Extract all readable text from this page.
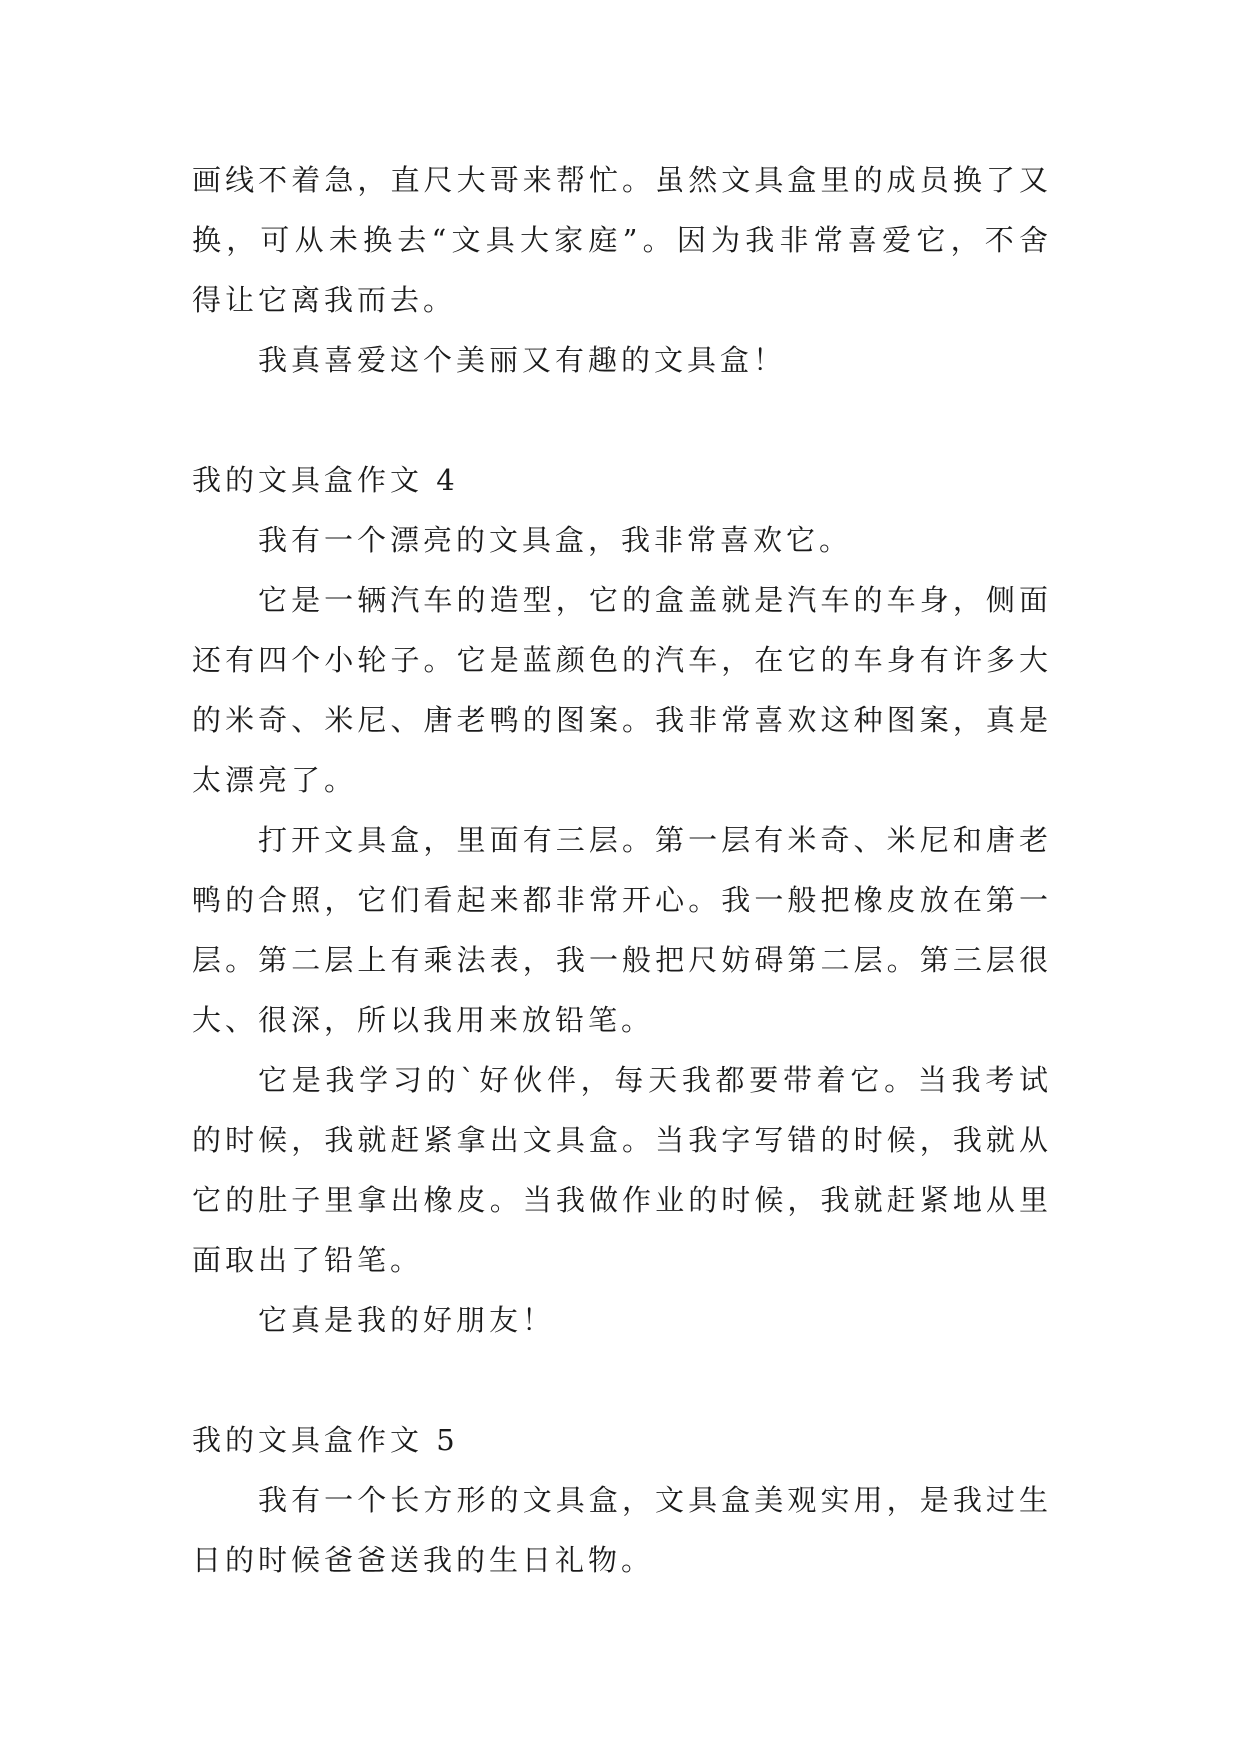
画线不着急，直尺大哥来帮忙。虽然文具盒里的成员换了又换，可从未换去“文具大家庭”。因为我非常喜爱它，不舍得让它离我而去。

我真喜爱这个美丽又有趣的文具盒！

我的文具盒作文 4

我有一个漂亮的文具盒，我非常喜欢它。

它是一辆汽车的造型，它的盒盖就是汽车的车身，侧面还有四个小轮子。它是蓝颜色的汽车，在它的车身有许多大的米奇、米尼、唐老鸭的图案。我非常喜欢这种图案，真是太漂亮了。

打开文具盒，里面有三层。第一层有米奇、米尼和唐老鸭的合照，它们看起来都非常开心。我一般把橡皮放在第一层。第二层上有乘法表，我一般把尺妨碍第二层。第三层很大、很深，所以我用来放铅笔。

它是我学习的`好伙伴，每天我都要带着它。当我考试的时候，我就赶紧拿出文具盒。当我字写错的时候，我就从它的肚子里拿出橡皮。当我做作业的时候，我就赶紧地从里面取出了铅笔。

它真是我的好朋友！

我的文具盒作文 5

我有一个长方形的文具盒，文具盒美观实用，是我过生日的时候爸爸送我的生日礼物。
